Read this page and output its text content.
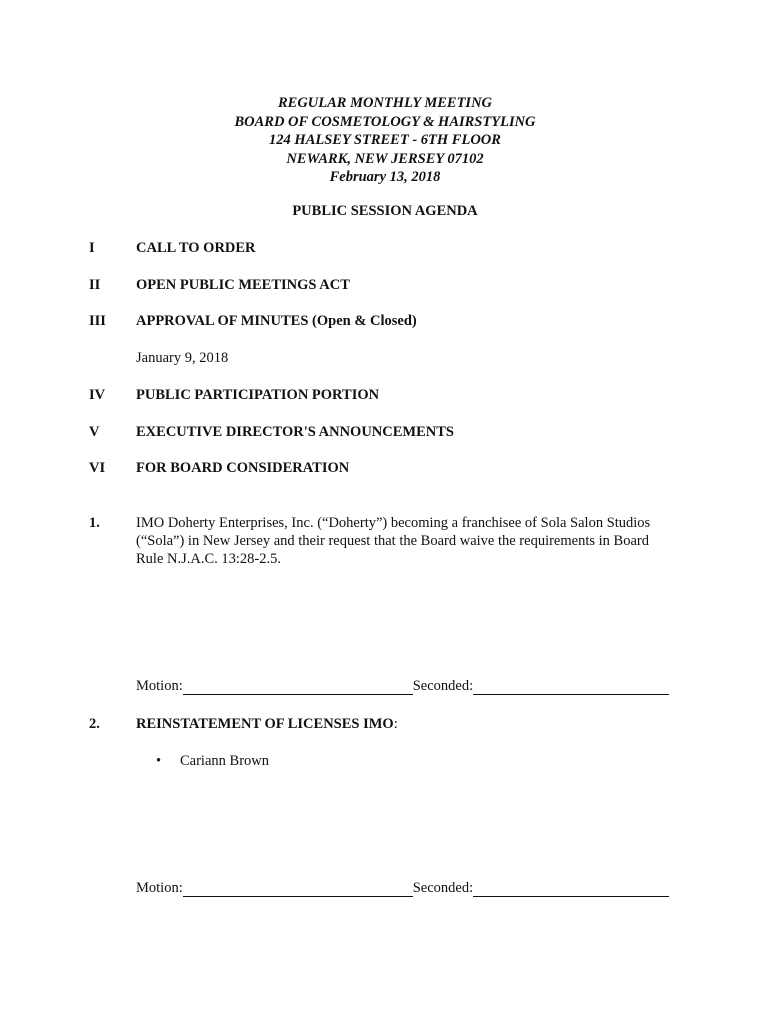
REGULAR MONTHLY MEETING
BOARD OF COSMETOLOGY & HAIRSTYLING
124 HALSEY STREET - 6TH FLOOR
NEWARK, NEW JERSEY 07102
February 13, 2018
PUBLIC SESSION AGENDA
I	CALL TO ORDER
II OPEN PUBLIC MEETINGS ACT
III APPROVAL OF MINUTES (Open & Closed)
January 9, 2018
IV PUBLIC PARTICIPATION PORTION
V	EXECUTIVE DIRECTOR'S ANNOUNCEMENTS
VI FOR BOARD CONSIDERATION
1. IMO Doherty Enterprises, Inc. (“Doherty”) becoming a franchisee of Sola Salon Studios
(“Sola”) in New Jersey and their request that the Board waive the requirements in Board
Rule N.J.A.C. 13:28-2.5.
Motion:	Seconded:
2. REINSTATEMENT OF LICENSES IMO:
• Cariann Brown
Motion:	Seconded:
